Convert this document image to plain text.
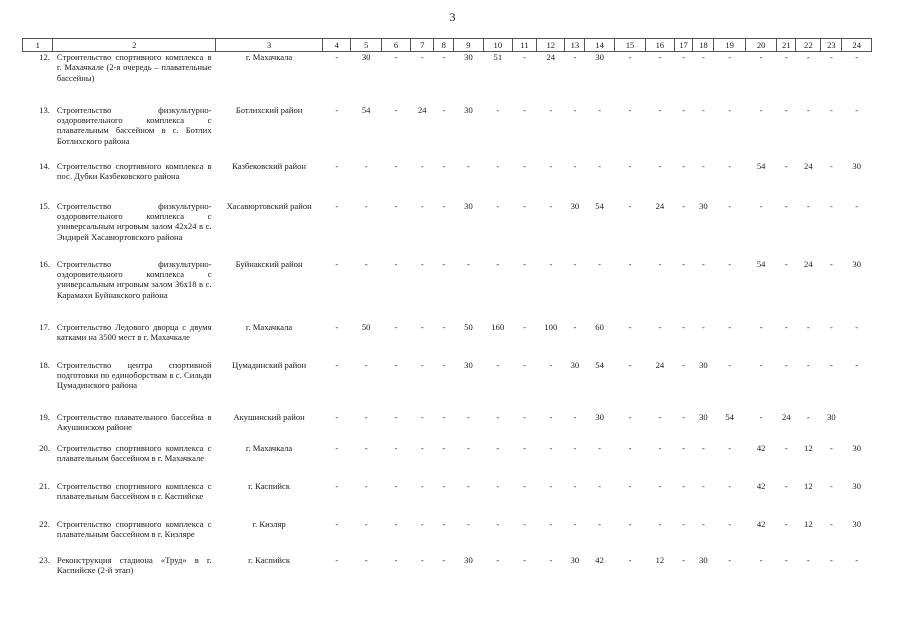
3
1	2	3	4	5	6	7	8	9	10	11	12	13	14	15	16	17	18	19	20	21	22	23	24
12.	Строительство спортивного комплекса в г. Махачкале (2-я очередь – плавательные бассейны)	г. Махачкала	-	30	-	-	-	30	51	-	24	-	30	-	-	-	-	-	-	-	-	-	-
13.	Строительство физкультурно-оздоровительного комплекса с плавательным бассейном в с. Ботлих Ботлихского района	Ботлихский район	-	54	-	24	-	30	-	-	-	-	-	-	-	-	-	-	-	-	-	-	-
14.	Строительство спортивного комплекса в пос. Дубки Казбековского района	Казбековский район	-	-	-	-	-	-	-	-	-	-	-	-	-	-	-	-	54	-	24	-	30
15.	Строительство физкультурно-оздоровительного комплекса с универсальным игровым залом 42х24 в с. Эндирей Хасавюртовского района	Хасавюртовский район	-	-	-	-	-	30	-	-	-	30	54	-	24	-	30	-	-	-	-	-	-
16.	Строительство физкультурно-оздоровительного комплекса с универсальным игровым залом 36х18 в с. Карамахи Буйнакского района	Буйнакский район	-	-	-	-	-	-	-	-	-	-	-	-	-	-	-	-	54	-	24	-	30
17.	Строительство Ледового дворца с двумя катками на 3500 мест в г. Махачкале	г. Махачкала	-	50	-	-	-	50	160	-	100	-	60	-	-	-	-	-	-	-	-	-	-
18.	Строительство центра спортивной подготовки по единоборствам в с. Сильди Цумадинского района	Цумадинский район	-	-	-	-	-	30	-	-	-	30	54	-	24	-	30	-	-	-	-	-	-
19.	Строительство плавательного бассейна в Акушинском районе	Акушинский район	-	-	-	-	-	-	-	-	-	-	30	-	-	-	30	54	-	24	-	30	
20.	Строительство спортивного комплекса с плавательным бассейном в г. Махачкале	г. Махачкала	-	-	-	-	-	-	-	-	-	-	-	-	-	-	-	-	42	-	12	-	30
21.	Строительство спортивного комплекса с плавательным бассейном в г. Каспийске	г. Каспийск	-	-	-	-	-	-	-	-	-	-	-	-	-	-	-	-	42	-	12	-	30
22.	Строительство спортивного комплекса с плавательным бассейном в г. Кизляре	г. Кизляр	-	-	-	-	-	-	-	-	-	-	-	-	-	-	-	-	42	-	12	-	30
23.	Реконструкция стадиона «Труд» в г. Каспийске (2-й этап)	г. Каспийск	-	-	-	-	-	30	-	-	-	30	42	-	12	-	30	-	-	-	-	-	-
